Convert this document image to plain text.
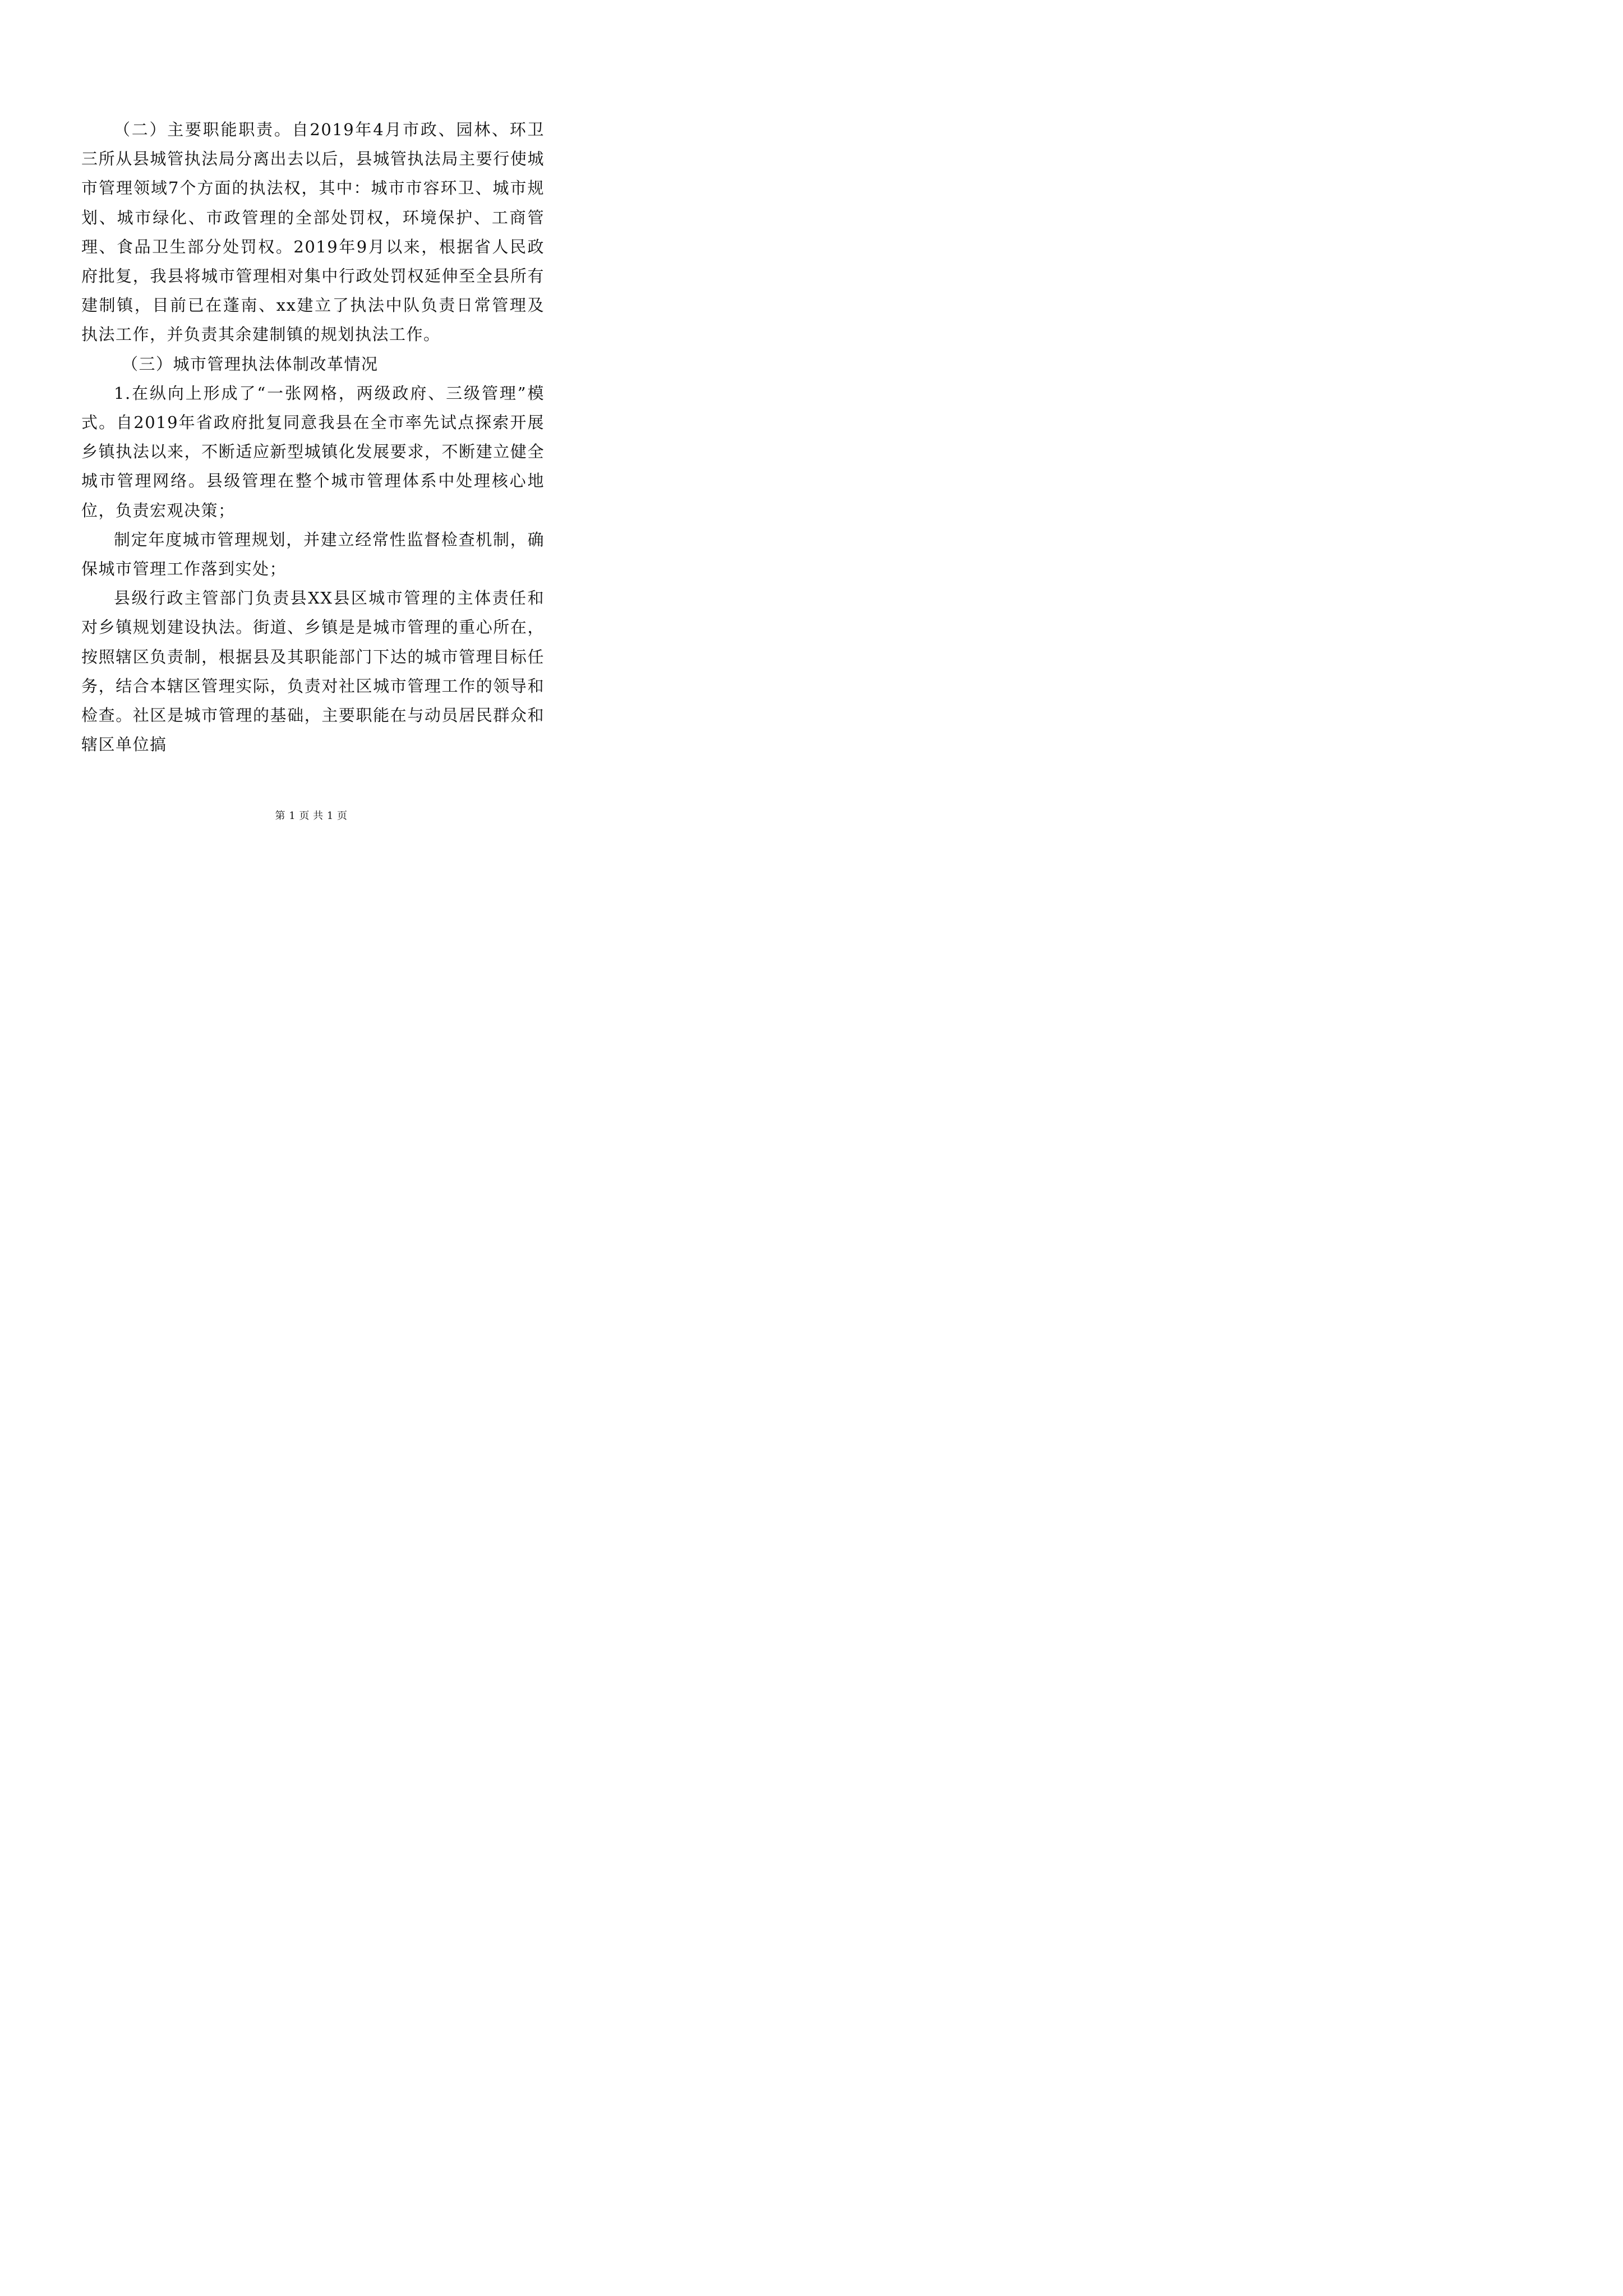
（二）主要职能职责。自2019年4月市政、园林、环卫三所从县城管执法局分离出去以后，县城管执法局主要行使城市管理领域7个方面的执法权，其中：城市市容环卫、城市规划、城市绿化、市政管理的全部处罚权，环境保护、工商管理、食品卫生部分处罚权。2019年9月以来，根据省人民政府批复，我县将城市管理相对集中行政处罚权延伸至全县所有建制镇，目前已在蓬南、xx建立了执法中队负责日常管理及执法工作，并负责其余建制镇的规划执法工作。

（三）城市管理执法体制改革情况

1.在纵向上形成了“一张网格，两级政府、三级管理”模式。自2019年省政府批复同意我县在全市率先试点探索开展乡镇执法以来，不断适应新型城镇化发展要求，不断建立健全城市管理网络。县级管理在整个城市管理体系中处理核心地位，负责宏观决策；

制定年度城市管理规划，并建立经常性监督检查机制，确保城市管理工作落到实处；

县级行政主管部门负责县XX县区城市管理的主体责任和对乡镇规划建设执法。街道、乡镇是是城市管理的重心所在，按照辖区负责制，根据县及其职能部门下达的城市管理目标任务，结合本辖区管理实际，负责对社区城市管理工作的领导和检查。社区是城市管理的基础，主要职能在与动员居民群众和辖区单位搞

第 1 页 共 1 页
